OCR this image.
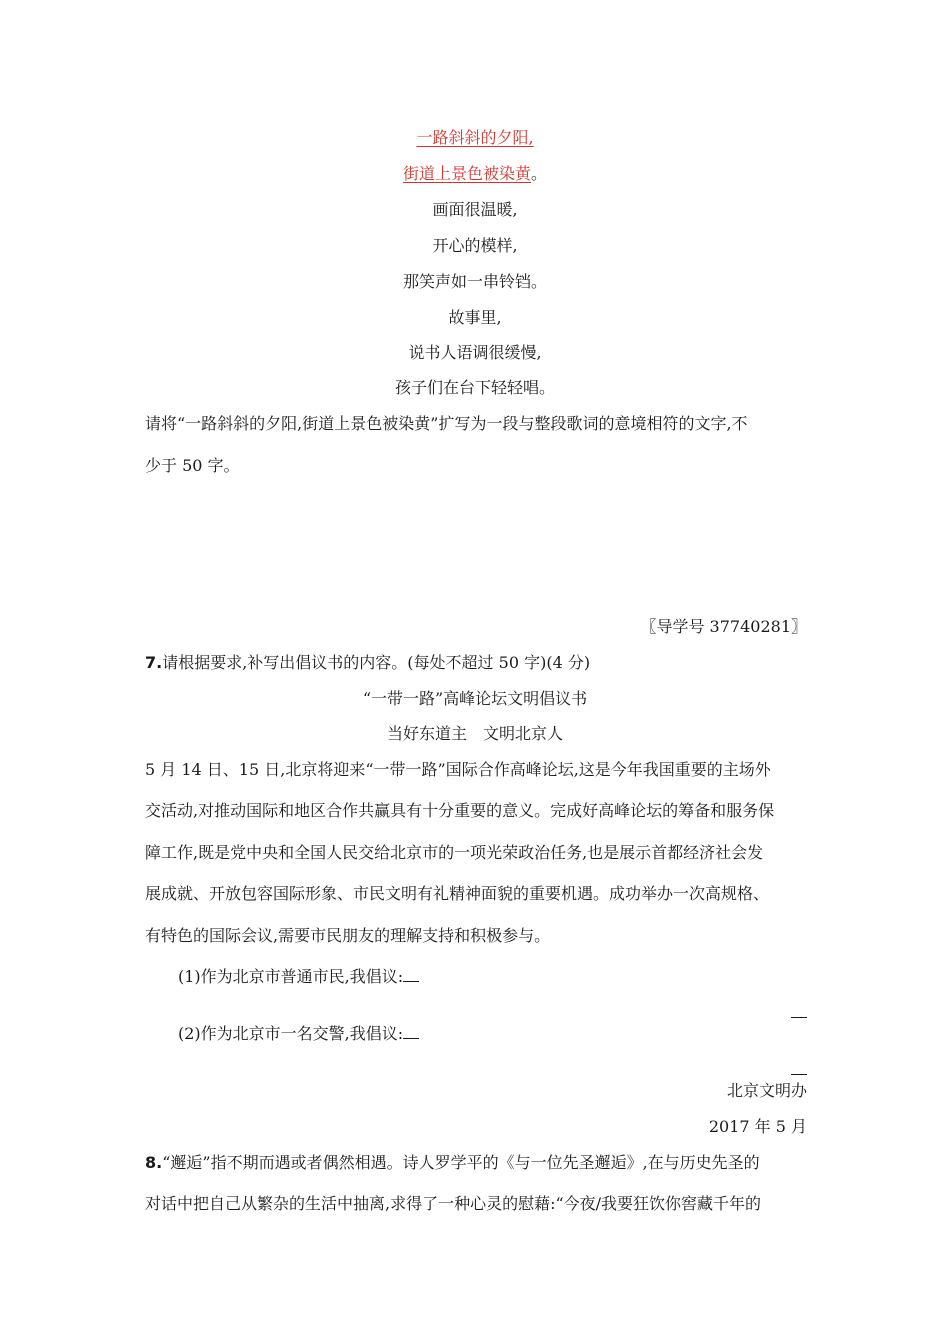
一路斜斜的夕阳,
街道上景色被染黄。
画面很温暖,
开心的模样,
那笑声如一串铃铛。
故事里,
说书人语调很缓慢,
孩子们在台下轻轻唱。
请将“一路斜斜的夕阳,街道上景色被染黄”扩写为一段与整段歌词的意境相符的文字,不
少于 50 字。
〖导学号 37740281〗
7.请根据要求,补写出倡议书的内容。(每处不超过 50 字)(4 分)
“一带一路”高峰论坛文明倡议书
当好东道主　文明北京人
5 月 14 日、15 日,北京将迎来“一带一路”国际合作高峰论坛,这是今年我国重要的主场外
交活动,对推动国际和地区合作共赢具有十分重要的意义。完成好高峰论坛的筹备和服务保
障工作,既是党中央和全国人民交给北京市的一项光荣政治任务,也是展示首都经济社会发
展成就、开放包容国际形象、市民文明有礼精神面貌的重要机遇。成功举办一次高规格、
有特色的国际会议,需要市民朋友的理解支持和积极参与。
(1)作为北京市普通市民,我倡议:
(2)作为北京市一名交警,我倡议:
北京文明办
2017 年 5 月
8.“邂逅”指不期而遇或者偶然相遇。诗人罗学平的《与一位先圣邂逅》,在与历史先圣的
对话中把自己从繁杂的生活中抽离,求得了一种心灵的慰藉:“今夜/我要狂饮你窖藏千年的
